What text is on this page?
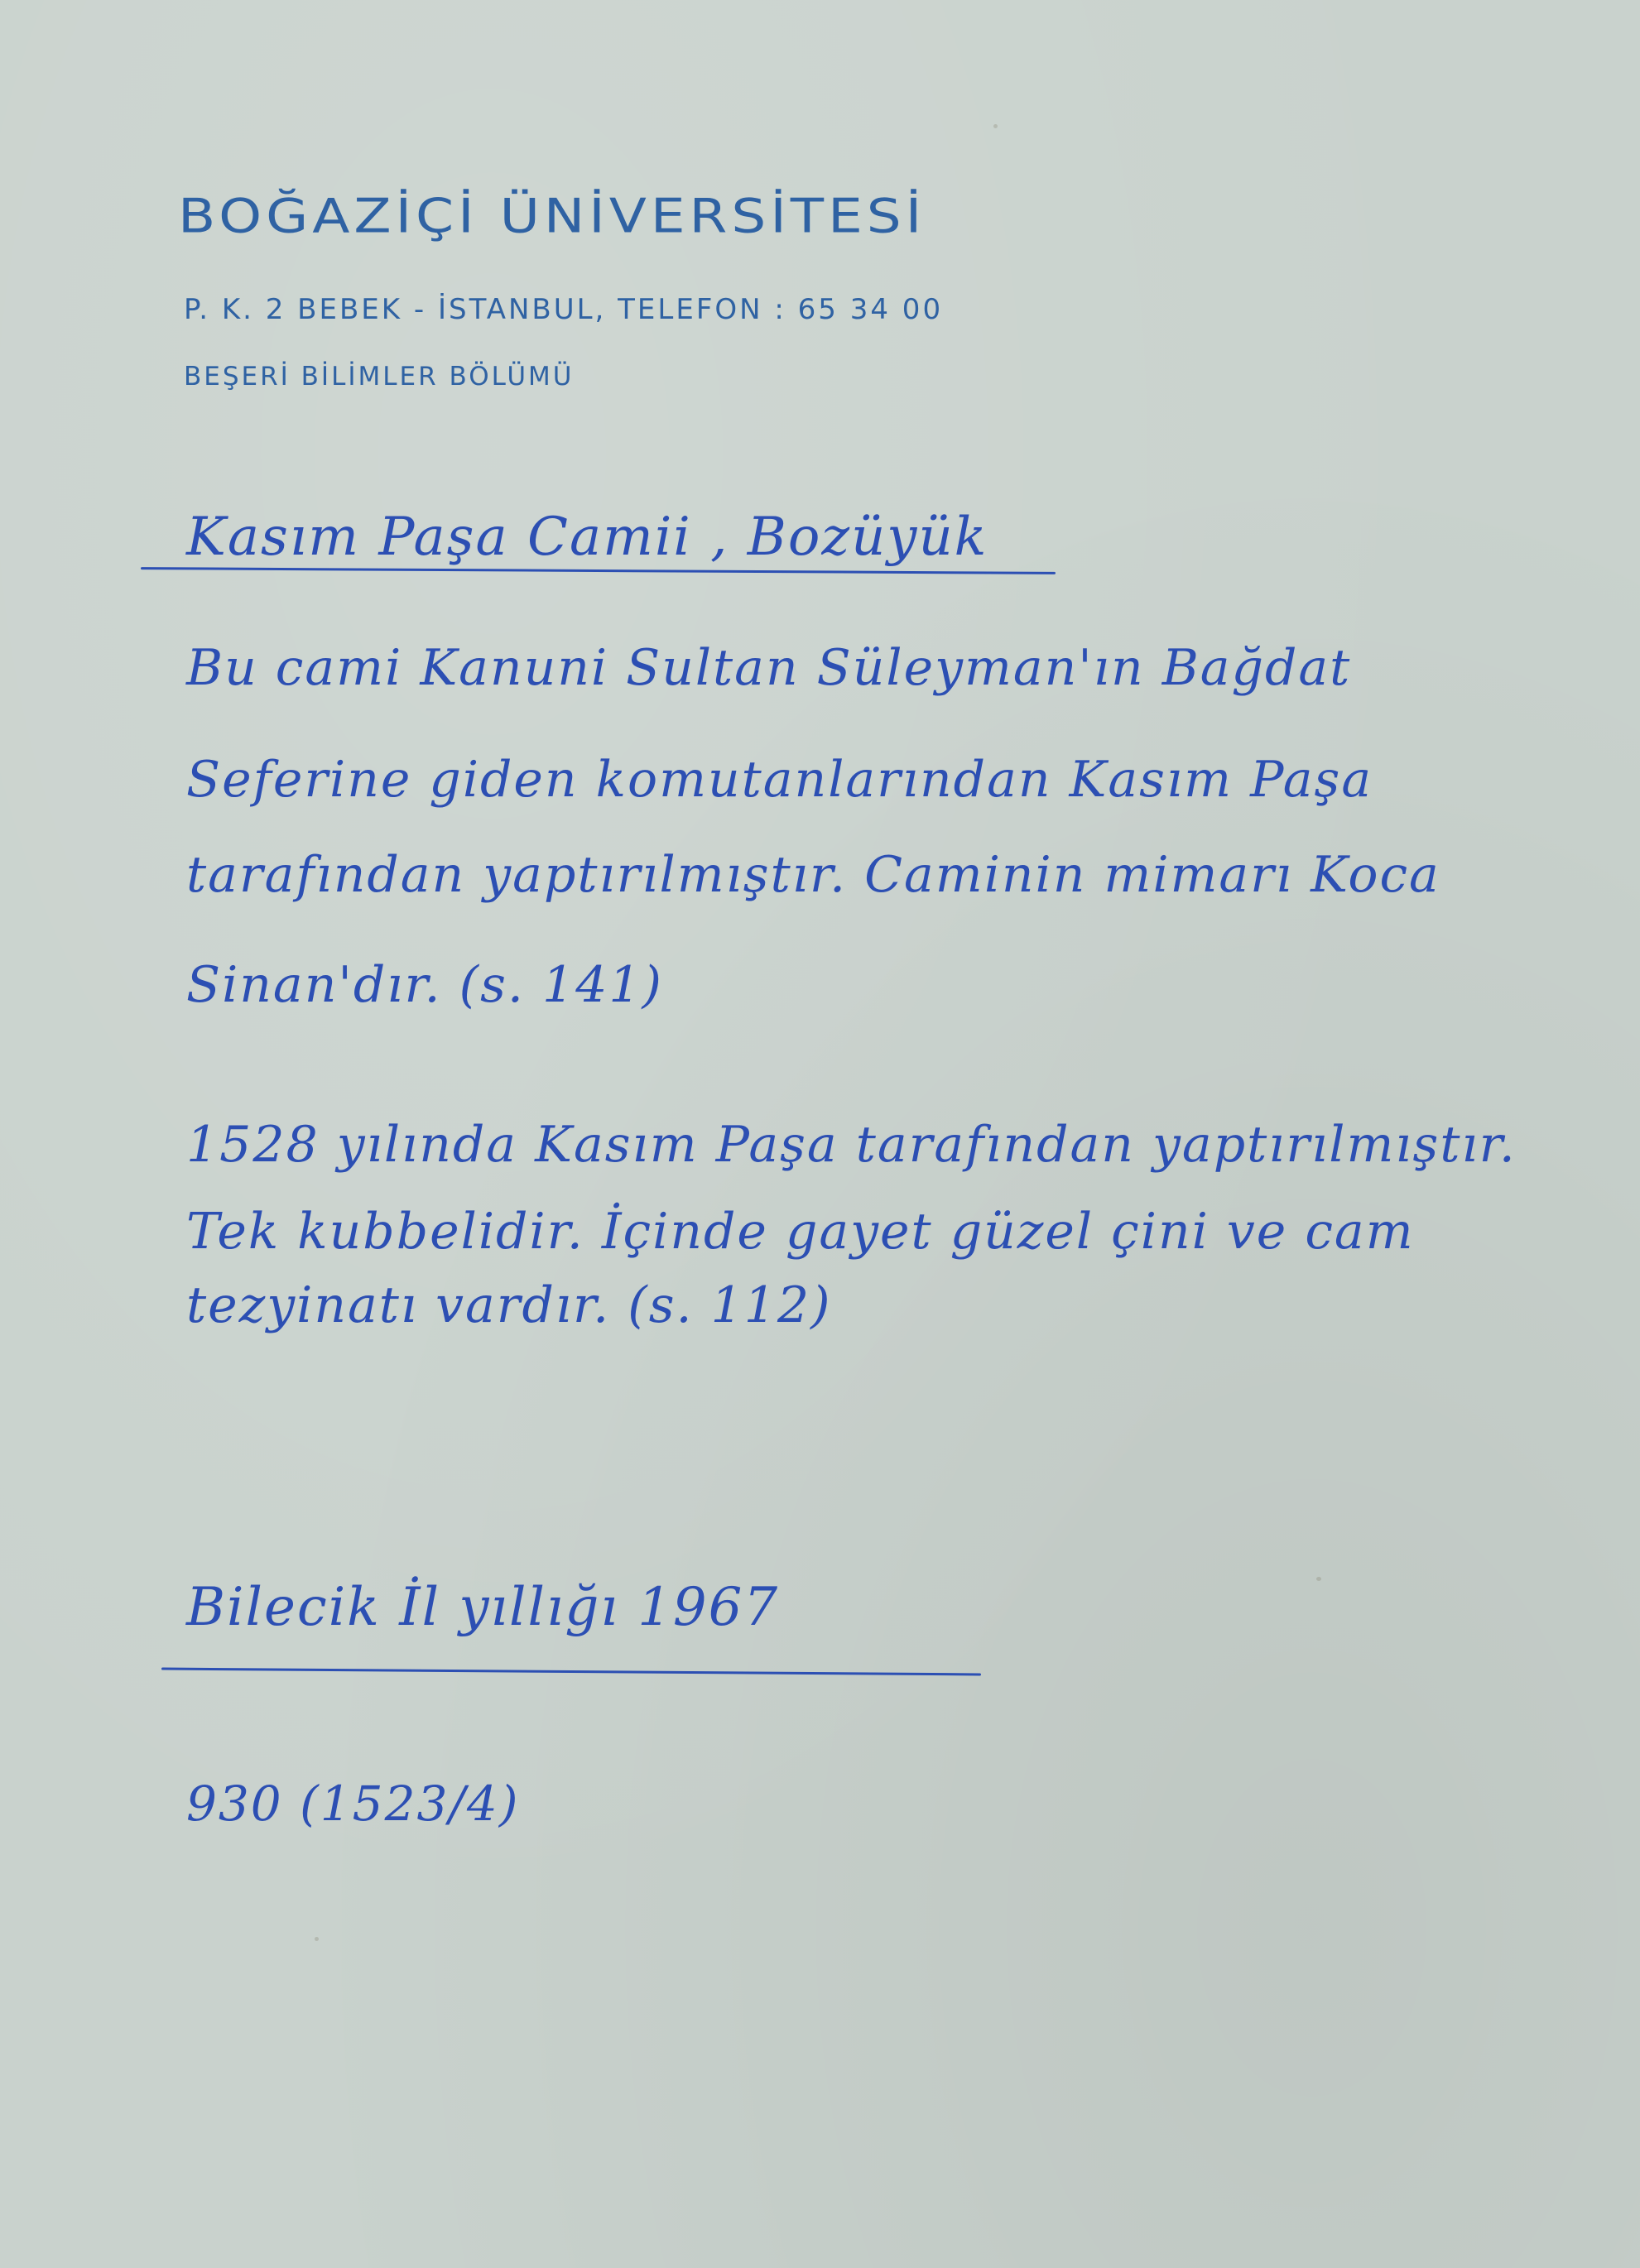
BOĞAZİÇİ ÜNİVERSİTESİ
P. K. 2 BEBEK - İSTANBUL, TELEFON : 65 34 00
BEŞERİ BİLİMLER BÖLÜMÜ
Kasım Paşa Camii , Bozüyük
Bu cami Kanuni Sultan Süleyman'ın Bağdat
Seferine giden komutanlarından Kasım Paşa
tarafından yaptırılmıştır. Caminin mimarı Koca
Sinan'dır. (s. 141)
1528 yılında Kasım Paşa tarafından yaptırılmıştır.
Tek kubbelidir. İçinde gayet güzel çini ve cam
tezyinatı vardır. (s. 112)
Bilecik İl yıllığı 1967
930 (1523/4)
